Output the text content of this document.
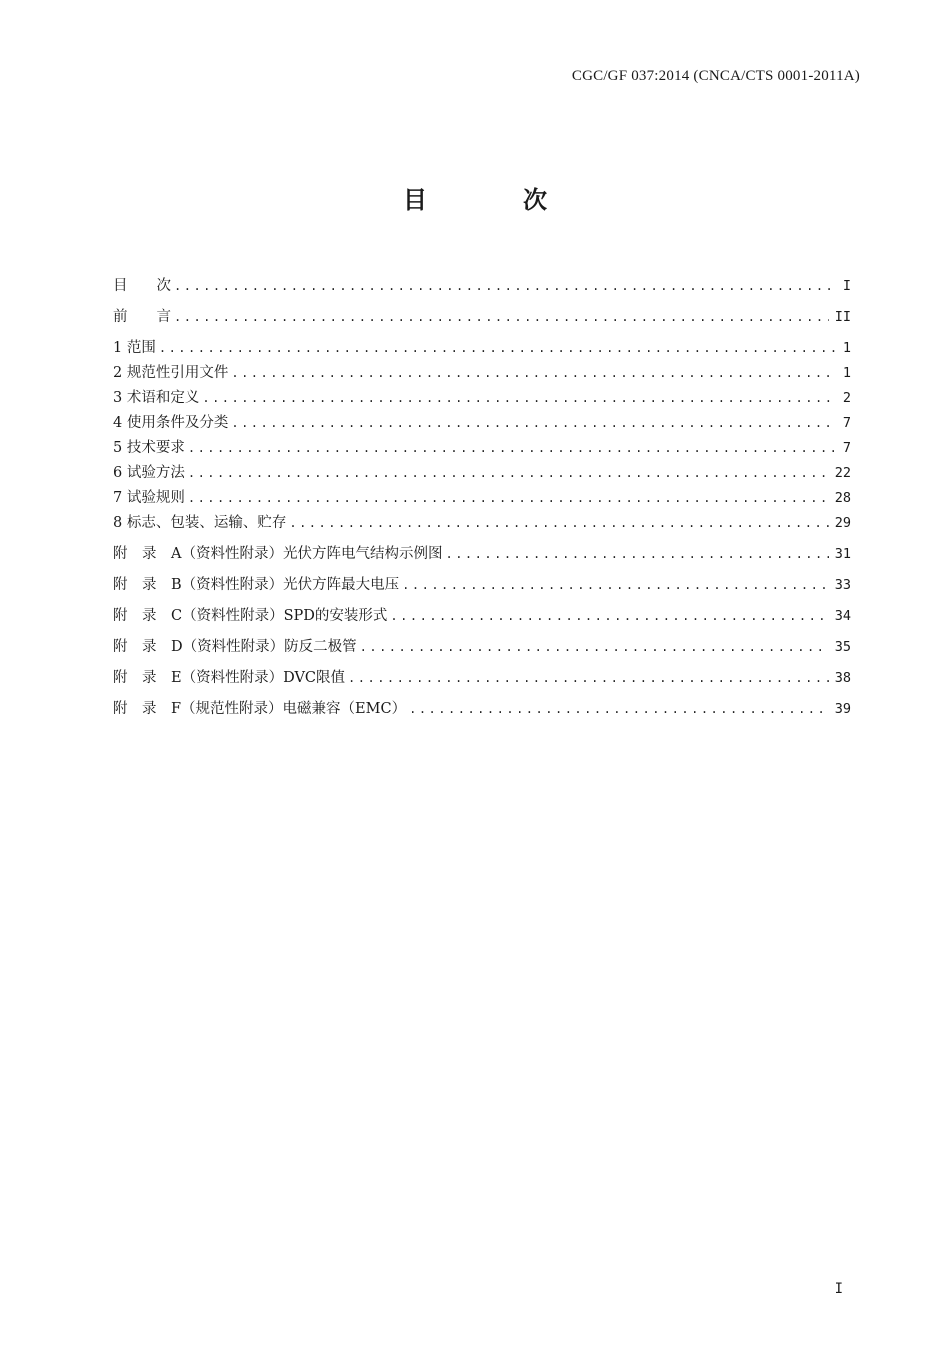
CGC/GF 037:2014 (CNCA/CTS 0001-2011A)
目	次
目　　次 .....	I
前　　言 .....	II
1 范围 .....	1
2 规范性引用文件 .....	1
3 术语和定义 .....	2
4 使用条件及分类 .....	7
5 技术要求 .....	7
6 试验方法 .....	22
7 试验规则 .....	28
8 标志、包装、运输、贮存 .....	29
附　录　A（资料性附录）光伏方阵电气结构示例图 .....	31
附　录　B（资料性附录）光伏方阵最大电压 .....	33
附　录　C（资料性附录）SPD的安装形式 .....	34
附　录　D（资料性附录）防反二极管 .....	35
附　录　E（资料性附录）DVC限值 .....	38
附　录　F（规范性附录）电磁兼容（EMC） .....	39
I
